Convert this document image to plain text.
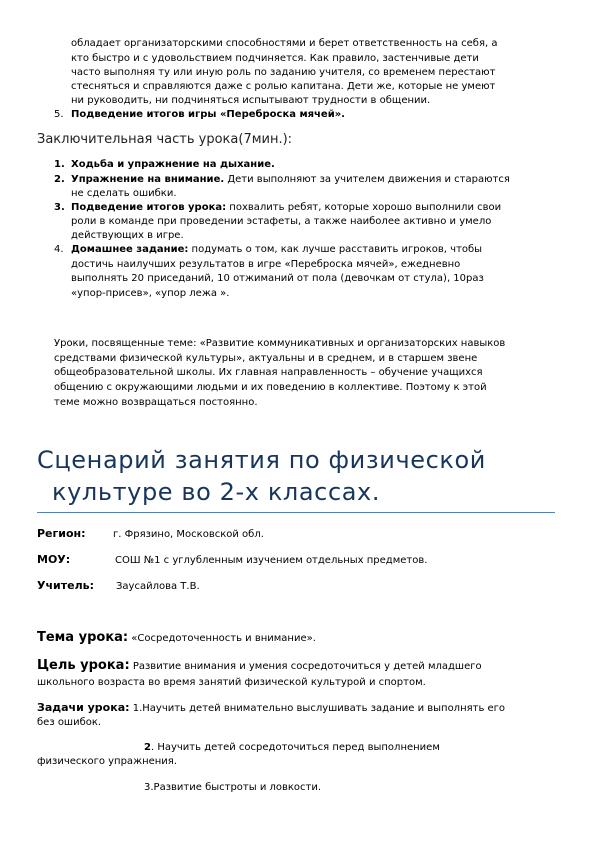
обладает организаторскими способностями и берет ответственность на себя, а
кто быстро и с удовольствием подчиняется. Как правило, застенчивые дети
часто выполняя ту или иную роль по заданию учителя, со временем перестают
стесняться и справляются даже с ролью капитана. Дети же, которые не умеют
ни руководить, ни подчиняться испытывают трудности в общении.
5. Подведение итогов игры «Переброска мячей».
Заключительная часть урока(7мин.):
1. Ходьба и упражнение на дыхание.
2. Упражнение на внимание. Дети выполняют за учителем движения и стараются
не сделать ошибки.
3. Подведение итогов урока: похвалить ребят, которые хорошо выполнили свои
роли в команде при проведении эстафеты, а также наиболее активно и умело
действующих в игре.
4. Домашнее задание: подумать о том, как лучше расставить игроков, чтобы
достичь наилучших результатов в игре «Переброска мячей», ежедневно
выполнять 20 приседаний, 10 отжиманий от пола (девочкам от стула), 10раз
«упор-присев», «упор лежа ».
Уроки, посвященные теме: «Развитие коммуникативных и организаторских навыков
средствами физической культуры», актуальны и в среднем, и в старшем звене
общеобразовательной школы. Их главная направленность – обучение учащихся
общению с окружающими людьми и их поведению в коллективе. Поэтому к этой
теме можно возвращаться постоянно.
Сценарий занятия по физической
культуре во 2-х классах.
Регион:	г. Фрязино, Московской обл.
МОУ:	СОШ №1 с углубленным изучением отдельных предметов.
Учитель: Заусайлова Т.В.
Тема урока: «Сосредоточенность и внимание».
Цель урока: Развитие внимания и умения сосредоточиться у детей младшего
школьного возраста во время занятий физической культурой и спортом.
Задачи урока: 1.Научить детей внимательно выслушивать задание и выполнять его
без ошибок.
2. Научить детей сосредоточиться перед выполнением
физического упражнения.
3.Развитие быстроты и ловкости.
